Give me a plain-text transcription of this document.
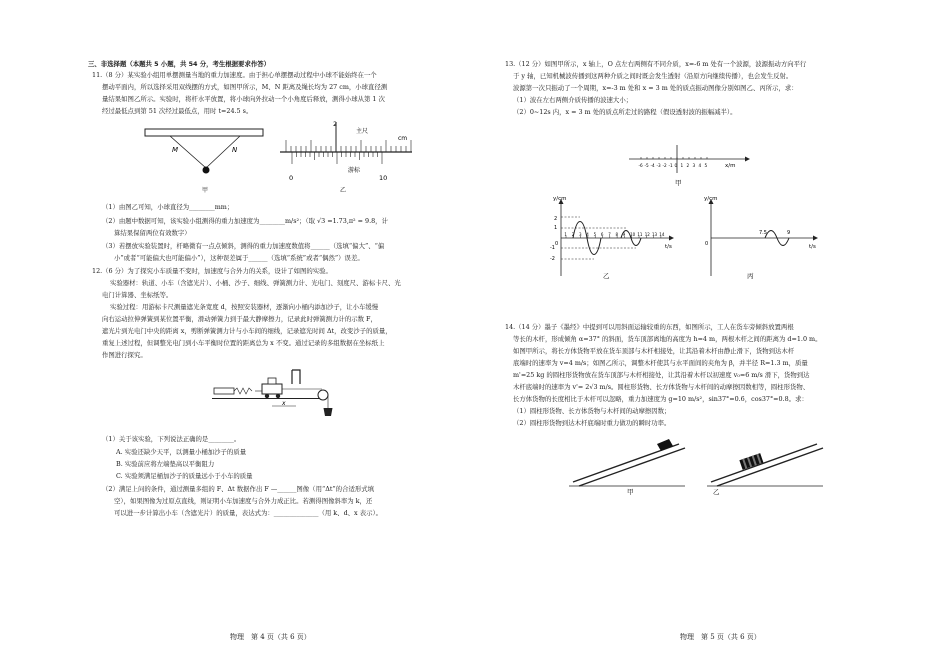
三、非选择题（本题共 5 小题，共 54 分，考生根据要求作答）
11.（8 分）某实验小组用单摆测量当地的重力加速度。由于担心单摆摆动过程中小球不能始终在一个
摆动平面内，所以选择采用双线摆的方式，如图甲所示，M、N 距离及绳长均为 27 cm，小球直径测
量结果如图乙所示。实验时，将杆水平放置，将小球向外拉动一个小角度后释放，测得小球从第 1 次
经过最低点到第 51 次经过最低点，用时 t=24.5 s。
M	N
甲
2
主尺
cm
游标
0	10
乙
（1）由图乙可知，小球直径为________mm；
（2）由题中数据可知，该实验小组测得的重力加速度为________m/s²；（取 √3 =1.73,π² = 9.8，计
算结果保留两位有效数字）
（3）若摆放实验装置时，杆略微有一点点倾斜，测得的重力加速度数值将______（选填“偏大”、“偏
小”或者“可能偏大也可能偏小”），这种误差属于______（选填“系统”或者“偶然”）误差。
12.（6 分）为了探究小车质量不变时，加速度与合外力的关系，设计了如图的实验。
实验器材：轨道、小车（含遮光片）、小桶、沙子、细线、弹簧测力计、光电门、刻度尺、游标卡尺、光
电门计算器、坐标纸等。
实验过程：用游标卡尺测量遮光条宽度 d，按照安装器材，逐渐向小桶内添加沙子，让小车缓慢
向右运动拉伸弹簧到某位置平衡，滑动弹簧力到于最大静摩擦力，记录此时弹簧测力计的示数 F，
遮光片到光电门中央的距离 x，剪断弹簧测力计与小车间的细线，记录遮光时间 Δt，改变沙子的质量，
重复上述过程，但调整光电门到小车平衡时位置的距离总为 x 不变。通过记录的多组数据在坐标纸上
作图进行探究。
x
（1）关于该实验，下列说法正确的是________。
A. 实验还缺少天平，以测量小桶加沙子的质量
B. 实验前应将左端垫高以平衡阻力
C. 实验须满足桶加沙子的质量远小于小车的质量
（2）满足上问的条件，通过测量多组的 F、Δt 数据作出 F —______图像（用“Δt”的合适形式填
空），如果图像为过原点直线，则证明小车加速度与合外力成正比。若测得图像斜率为 k，还
可以进一步计算出小车（含遮光片）的质量，表达式为：______________（用 k、d、x 表示）。
物理　第 4 页（共 6 页）
13.（12 分）如图甲所示，x 轴上，O 点左右两侧有不同介质，x=-6 m 处有一个波源，波源振动方向平行
于 y 轴，已知机械波传播到这两种介质之间时既会发生透射（沿原方向继续传播），也会发生反射。
波源第一次只振动了一个周期，x=-3 m 处和 x = 3 m 处的质点振动图像分别如图乙、丙所示，求：
（1）波在左右两侧介质传播的波速大小；
（2）0~12s 内，x = 3 m 处的质点所走过的路程（假设透射波的振幅减半）。
-6 -5 -4 -3 -2 -1 0 1 2 3 4 5	x/m
甲
y/cm
t/s
0
2
1
-1
-2
1 2 3 4 5 6 7 8 9 10 11 12 13 14
乙
y/cm
t/s
0
7.5	9
丙
14.（14 分）墨子《墨经》中提到可以用斜面运输较重的东西，如图所示，工人在货车旁倾斜放置两根
等长的木杆，形成倾角 α=37° 的斜面，货车顶部离地的高度为 h=4 m，两根木杆之间的距离为 d=1.0 m。
如图甲所示，将长方体货物平放在货车顶部与木杆相接处，让其沿着木杆由静止滑下，货物到达木杆
底端时的速率为 v=4 m/s；如图乙所示，调整木杆使其与水平面间的夹角为 β，并半径 R=1.3 m，质量
m'=25 kg 的圆柱形货物放在货车顶部与木杆相接处，让其沿着木杆以初速度 v₀=6 m/s 滑下，货物到达
木杆底端时的速率为 v'= 2√3 m/s。圆柱形货物、长方体货物与木杆间的动摩擦因数相等，圆柱形货物、
长方体货物的长度相比于木杆可以忽略，重力加速度为 g=10 m/s²，sin37°=0.6，cos37°=0.8。求：
（1）圆柱形货物、长方体货物与木杆间的动摩擦因数；
（2）圆柱形货物到达木杆底端时重力做功的瞬时功率。
甲	乙
物理　第 5 页（共 6 页）
